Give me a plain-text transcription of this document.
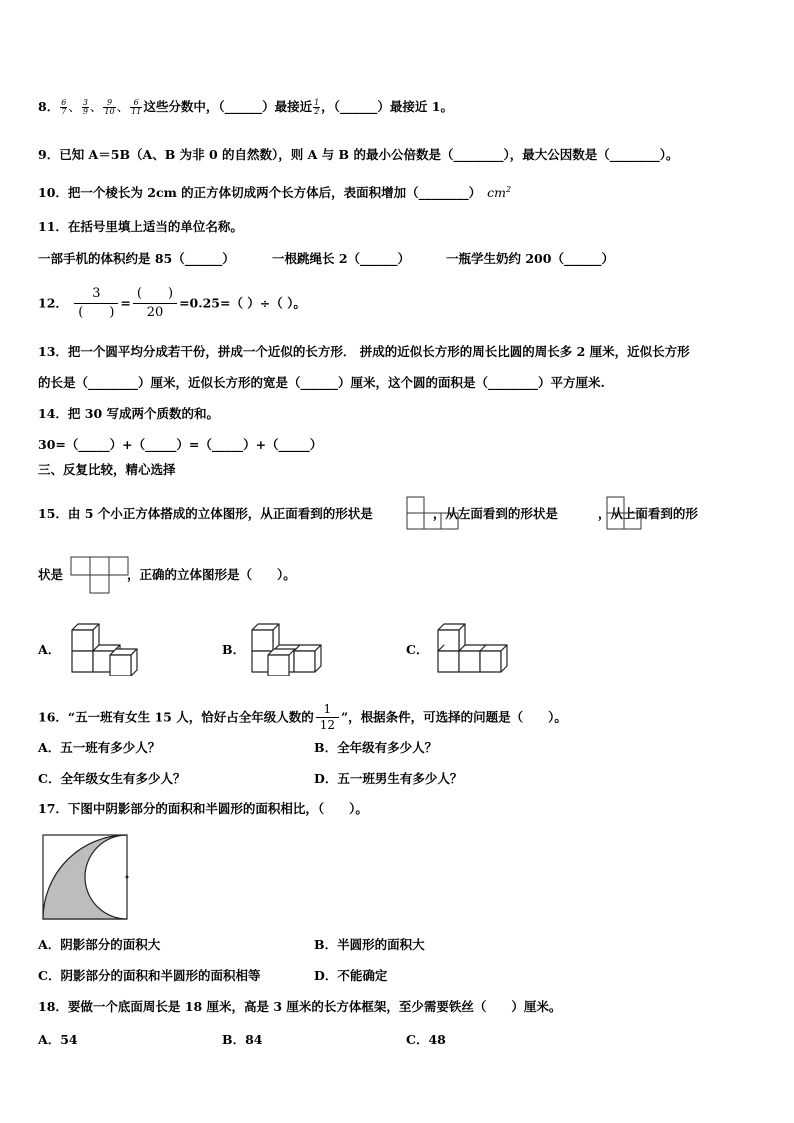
8． $\frac{6}{7}$ 、 $\frac{3}{9}$ 、 $\frac{9}{10}$ 、 $\frac{6}{11}$ 这些分数中，（______）最接近 $\frac{1}{2}$ ，（______）最接近 1。
9．已知 A＝5B（A、B 为非 0 的自然数），则 A 与 B 的最小公倍数是（________），最大公因数是（________）。
10．把一个棱长为 2cm 的正方体切成两个长方体后，表面积增加（________） $cm^2$
11．在括号里填上适当的单位名称。
一部手机的体积约是 85（______）	一根跳绳长 2（______）	一瓶学生奶约 200（______）
12． $\frac{3}{( )} = \frac{( )}{20} =0.25=$（ ）÷（ ）。
13．把一个圆平均分成若干份，拼成一个近似的长方形． 拼成的近似长方形的周长比圆的周长多 2 厘米，近似长方形
的长是（________）厘米，近似长方形的宽是（______）厘米，这个圆的面积是（________）平方厘米.
14．把 30 写成两个质数的和。
30=（_____）+（_____）=（_____）+（_____）
三、反复比较，精心选择
15．由 5 个小正方体搭成的立体图形，从正面看到的形状是	，从左面看到的形状是	，从上面看到的形
状是	，正确的立体图形是（　　）。
A．	B．	C．
16．“五一班有女生 15 人，恰好占全年级人数的 $\frac{1}{12}$ ”，根据条件，可选择的问题是（　　）。
A．五一班有多少人？	B．全年级有多少人？
C．全年级女生有多少人？	D．五一班男生有多少人？
17．下图中阴影部分的面积和半圆形的面积相比，（　　）。
A．阴影部分的面积大	B．半圆形的面积大
C．阴影部分的面积和半圆形的面积相等	D．不能确定
18．要做一个底面周长是 18 厘米，高是 3 厘米的长方体框架，至少需要铁丝（　　）厘米。
A．54	B．84	C．48
